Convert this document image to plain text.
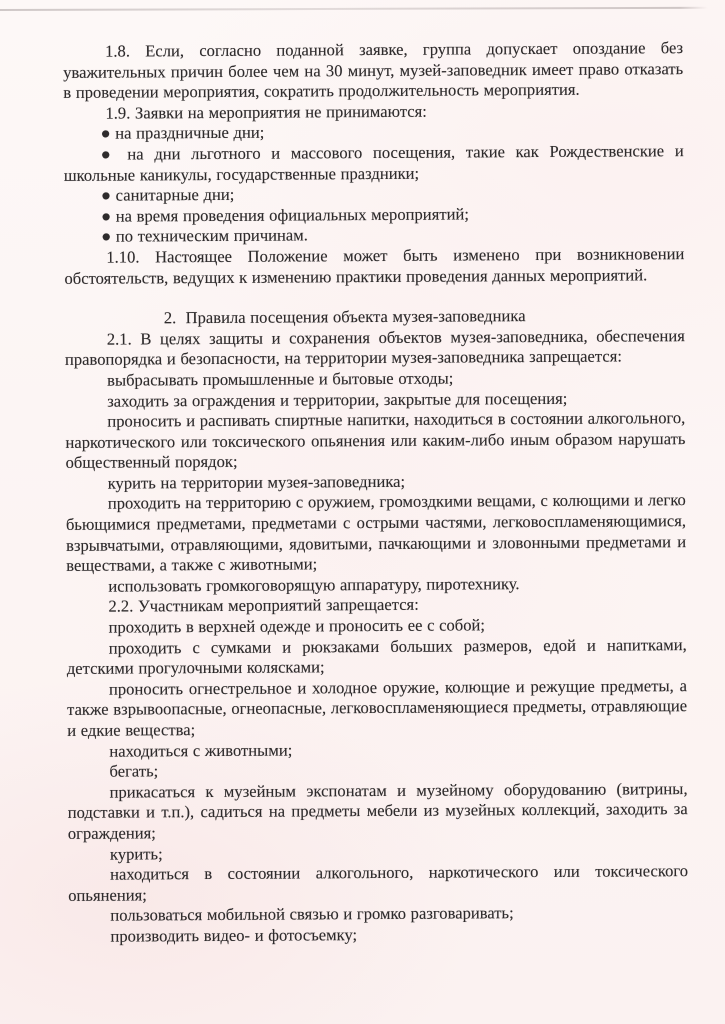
1.8. Если, согласно поданной заявке, группа допускает опоздание без уважительных причин более чем на 30 минут, музей-заповедник имеет право отказать в проведении мероприятия, сократить продолжительность мероприятия.
1.9. Заявки на мероприятия не принимаются:
● на праздничные дни;
● на дни льготного и массового посещения, такие как Рождественские и школьные каникулы, государственные праздники;
● санитарные дни;
● на время проведения официальных мероприятий;
● по техническим причинам.
1.10. Настоящее Положение может быть изменено при возникновении обстоятельств, ведущих к изменению практики проведения данных мероприятий.
2.  Правила посещения объекта музея-заповедника
2.1. В целях защиты и сохранения объектов музея-заповедника, обеспечения правопорядка и безопасности, на территории музея-заповедника запрещается:
выбрасывать промышленные и бытовые отходы;
заходить за ограждения и территории, закрытые для посещения;
проносить и распивать спиртные напитки, находиться в состоянии алкогольного, наркотического или токсического опьянения или каким-либо иным образом нарушать общественный порядок;
курить на территории музея-заповедника;
проходить на территорию с оружием, громоздкими вещами, с колющими и легко бьющимися предметами, предметами с острыми частями, легковоспламеняющимися, взрывчатыми, отравляющими, ядовитыми, пачкающими и зловонными предметами и веществами, а также с животными;
использовать громкоговорящую аппаратуру, пиротехнику.
2.2. Участникам мероприятий запрещается:
проходить в верхней одежде и проносить ее с собой;
проходить с сумками и рюкзаками больших размеров, едой и напитками, детскими прогулочными колясками;
проносить огнестрельное и холодное оружие, колющие и режущие предметы, а также взрывоопасные, огнеопасные, легковоспламеняющиеся предметы, отравляющие и едкие вещества;
находиться с животными;
бегать;
прикасаться к музейным экспонатам и музейному оборудованию (витрины, подставки и т.п.), садиться на предметы мебели из музейных коллекций, заходить за ограждения;
курить;
находиться в состоянии алкогольного, наркотического или токсического опьянения;
пользоваться мобильной связью и громко разговаривать;
производить видео- и фотосъемку;
